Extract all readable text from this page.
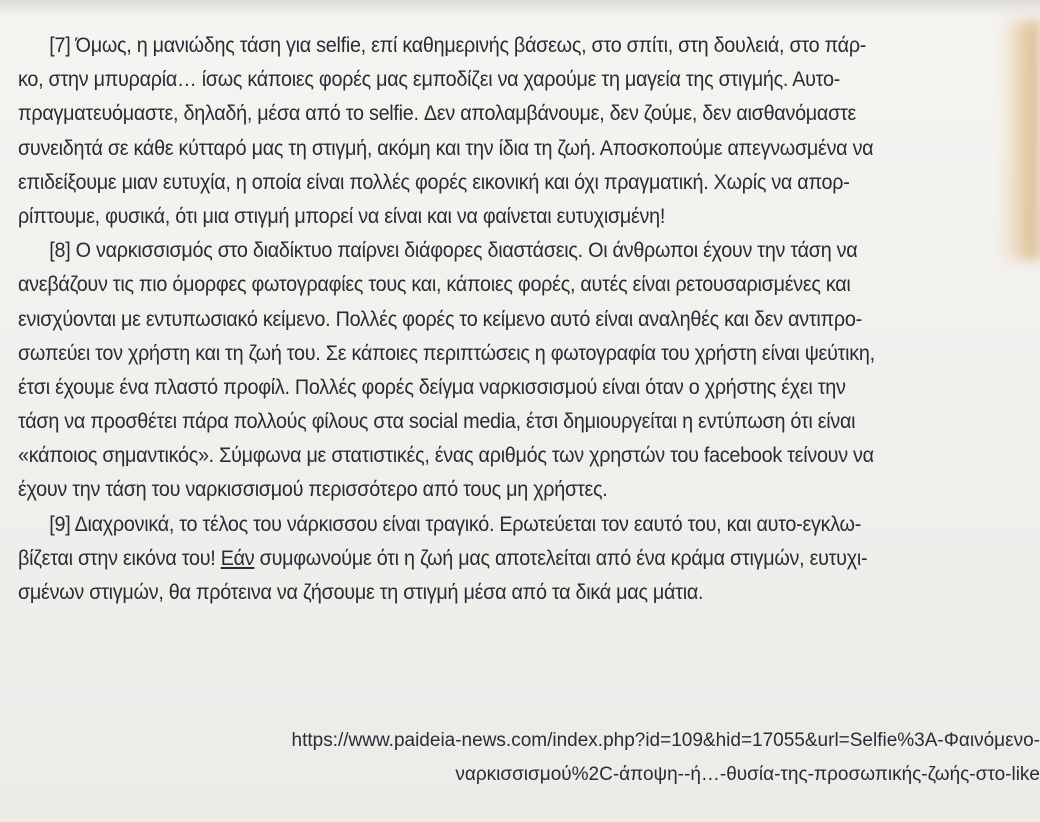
[7] Όμως, η μανιώδης τάση για selfie, επί καθημερινής βάσεως, στο σπίτι, στη δουλειά, στο πάρ-
κο, στην μπυραρία… ίσως κάποιες φορές μας εμποδίζει να χαρούμε τη μαγεία της στιγμής. Αυτο-
πραγματευόμαστε, δηλαδή, μέσα από το selfie. Δεν απολαμβάνουμε, δεν ζούμε, δεν αισθανόμαστε
συνειδητά σε κάθε κύτταρό μας τη στιγμή, ακόμη και την ίδια τη ζωή. Αποσκοπούμε απεγνωσμένα να
επιδείξουμε μιαν ευτυχία, η οποία είναι πολλές φορές εικονική και όχι πραγματική. Χωρίς να απορ-
ρίπτουμε, φυσικά, ότι μια στιγμή μπορεί να είναι και να φαίνεται ευτυχισμένη!
[8] Ο ναρκισσισμός στο διαδίκτυο παίρνει διάφορες διαστάσεις. Οι άνθρωποι έχουν την τάση να
ανεβάζουν τις πιο όμορφες φωτογραφίες τους και, κάποιες φορές, αυτές είναι ρετουσαρισμένες και
ενισχύονται με εντυπωσιακό κείμενο. Πολλές φορές το κείμενο αυτό είναι αναληθές και δεν αντιπρο-
σωπεύει τον χρήστη και τη ζωή του. Σε κάποιες περιπτώσεις η φωτογραφία του χρήστη είναι ψεύτικη,
έτσι έχουμε ένα πλαστό προφίλ. Πολλές φορές δείγμα ναρκισσισμού είναι όταν ο χρήστης έχει την
τάση να προσθέτει πάρα πολλούς φίλους στα social media, έτσι δημιουργείται η εντύπωση ότι είναι
«κάποιος σημαντικός». Σύμφωνα με στατιστικές, ένας αριθμός των χρηστών του facebook τείνουν να
έχουν την τάση του ναρκισσισμού περισσότερο από τους μη χρήστες.
[9] Διαχρονικά, το τέλος του νάρκισσου είναι τραγικό. Ερωτεύεται τον εαυτό του, και αυτο-εγκλω-
βίζεται στην εικόνα του! Εάν συμφωνούμε ότι η ζωή μας αποτελείται από ένα κράμα στιγμών, ευτυχι-
σμένων στιγμών, θα πρότεινα να ζήσουμε τη στιγμή μέσα από τα δικά μας μάτια.
https://www.paideia-news.com/index.php?id=109&hid=17055&url=Selfie%3A-Φαινόμενο-
ναρκισσισμού%2C-άποψη--ή…-θυσία-της-προσωπικής-ζωής-στο-like
